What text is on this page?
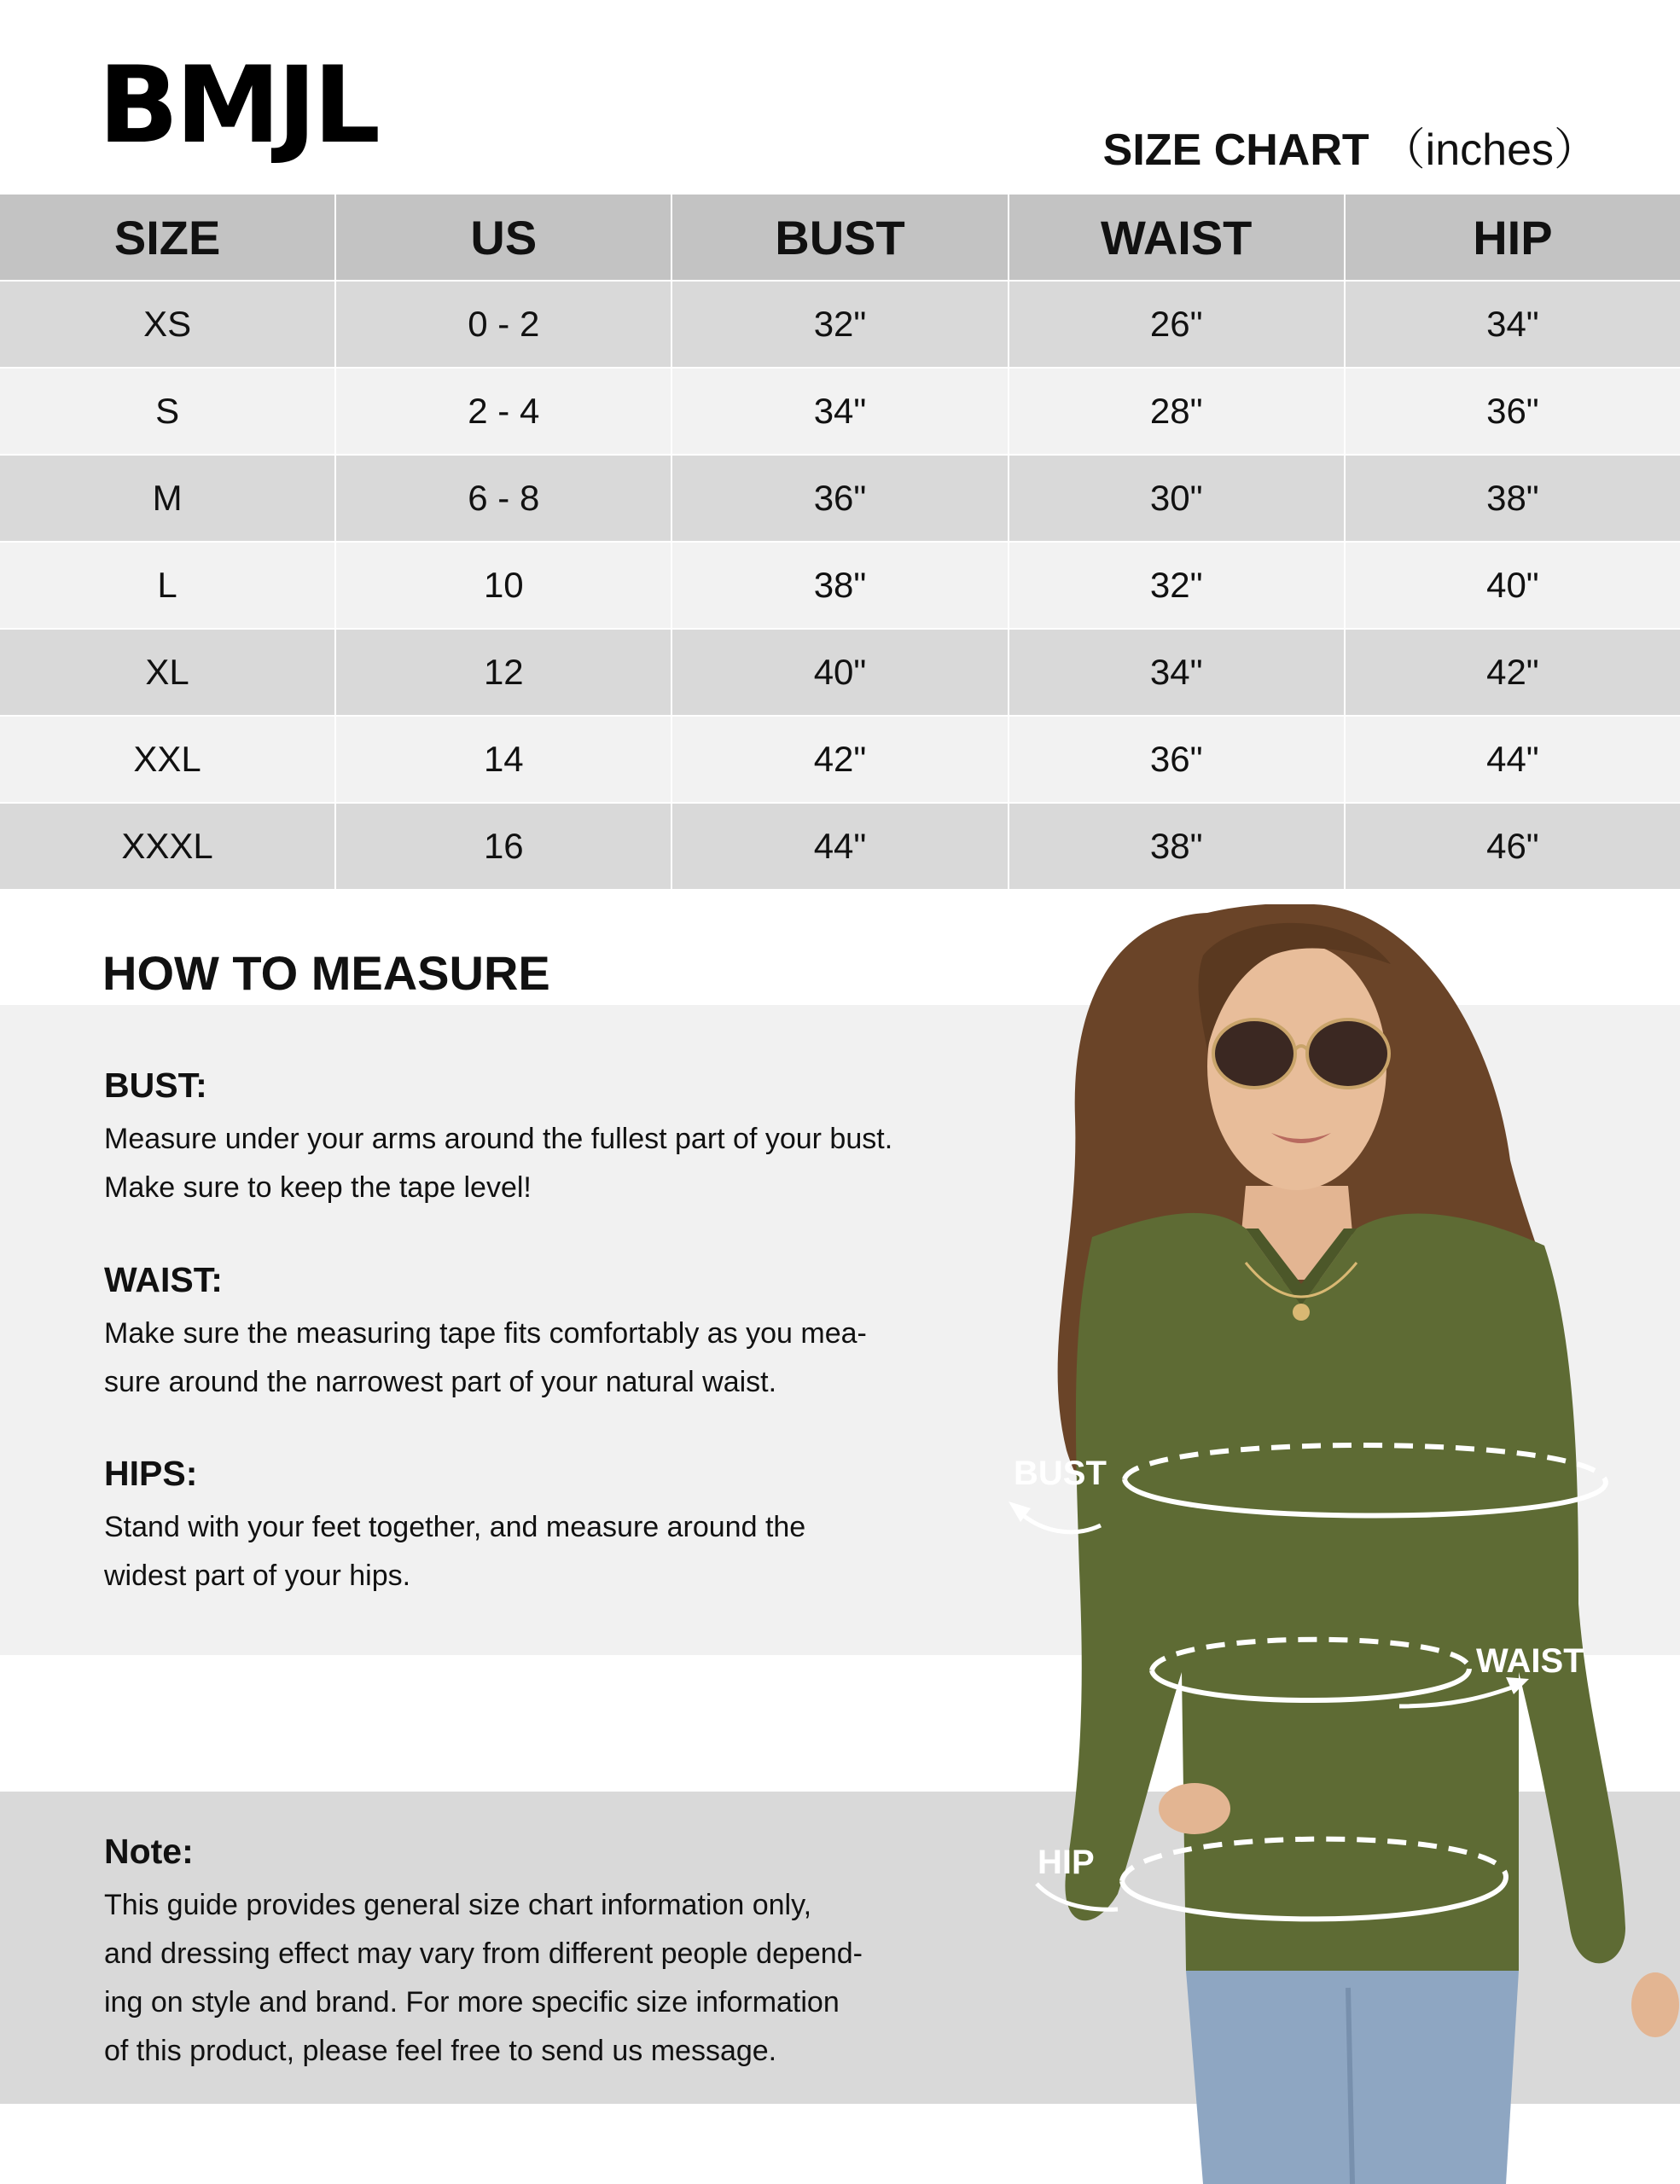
BMJL	SIZE CHART （inches）
SIZE	US	BUST	WAIST	HIP
XS	0 - 2	32"	26"	34"
S	2 - 4	34"	28"	36"
M	6 - 8	36"	30"	38"
L	10	38"	32"	40"
XL	12	40"	34"	42"
XXL	14	42"	36"	44"
XXXL	16	44"	38"	46"
HOW TO MEASURE
BUST:
Measure under your arms around the fullest part of your bust.
Make sure to keep the tape level!
WAIST:
Make sure the measuring tape fits comfortably as you mea-
sure around the narrowest part of your natural waist.
HIPS:
Stand with your feet together, and measure around the
widest part of your hips.
Note:
This guide provides general size chart information only,
and dressing effect may vary from different people depend-
ing on style and brand. For more specific size information
of this product, please feel free to send us message.
BUST
WAIST
HIP
